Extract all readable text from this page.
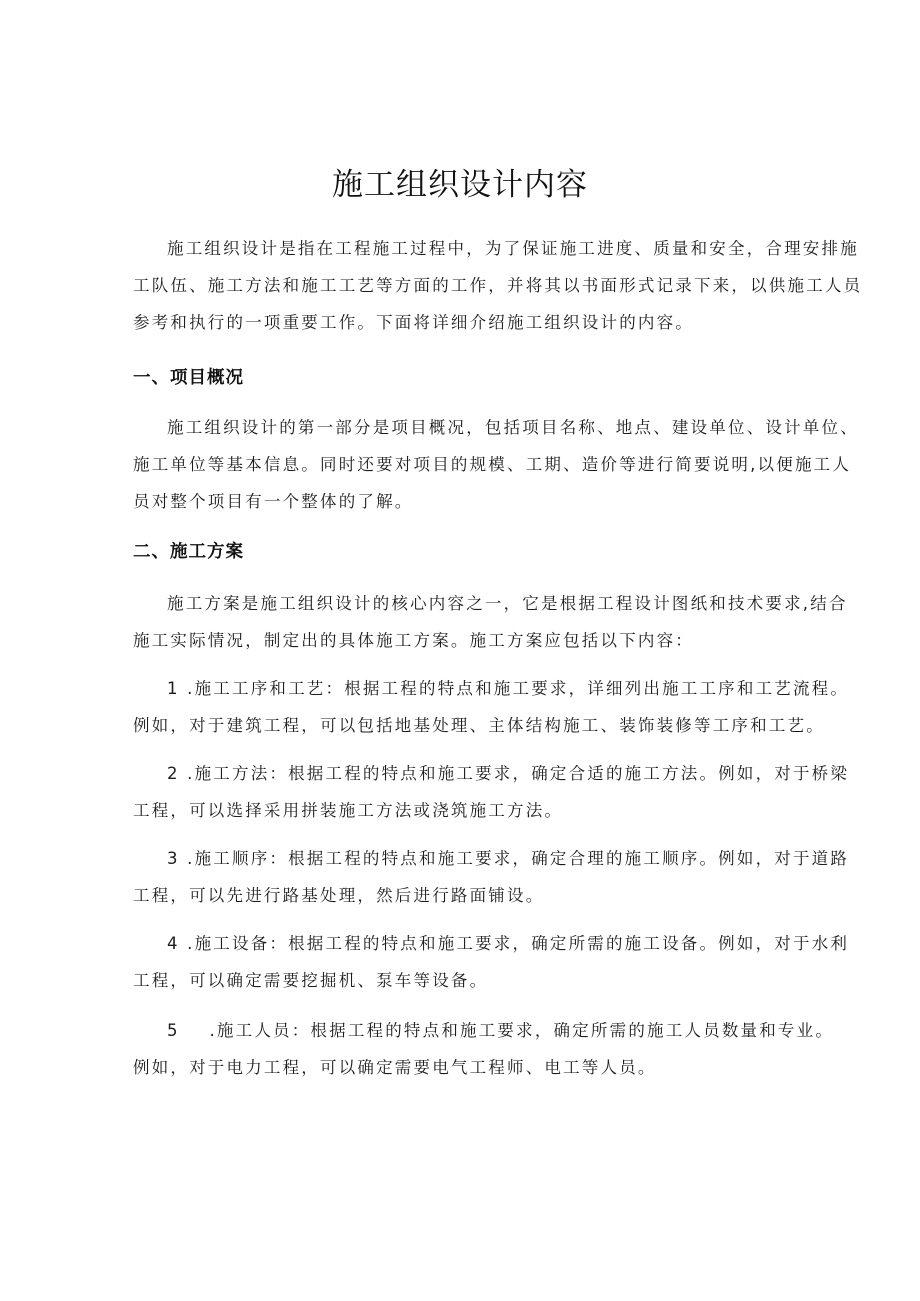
施工组织设计内容
施工组织设计是指在工程施工过程中，为了保证施工进度、质量和安全，合理安排施
工队伍、施工方法和施工工艺等方面的工作，并将其以书面形式记录下来，以供施工人员
参考和执行的一项重要工作。下面将详细介绍施工组织设计的内容。
一、项目概况
施工组织设计的第一部分是项目概况，包括项目名称、地点、建设单位、设计单位、
施工单位等基本信息。同时还要对项目的规模、工期、造价等进行简要说明,以便施工人
员对整个项目有一个整体的了解。
二、施工方案
施工方案是施工组织设计的核心内容之一，它是根据工程设计图纸和技术要求,结合
施工实际情况，制定出的具体施工方案。施工方案应包括以下内容：
1 .施工工序和工艺：根据工程的特点和施工要求，详细列出施工工序和工艺流程。
例如，对于建筑工程，可以包括地基处理、主体结构施工、装饰装修等工序和工艺。
2 .施工方法：根据工程的特点和施工要求，确定合适的施工方法。例如，对于桥梁
工程，可以选择采用拼装施工方法或浇筑施工方法。
3 .施工顺序：根据工程的特点和施工要求，确定合理的施工顺序。例如，对于道路
工程，可以先进行路基处理，然后进行路面铺设。
4 .施工设备：根据工程的特点和施工要求，确定所需的施工设备。例如，对于水利
工程，可以确定需要挖掘机、泵车等设备。
5    .施工人员：根据工程的特点和施工要求，确定所需的施工人员数量和专业。
例如，对于电力工程，可以确定需要电气工程师、电工等人员。
